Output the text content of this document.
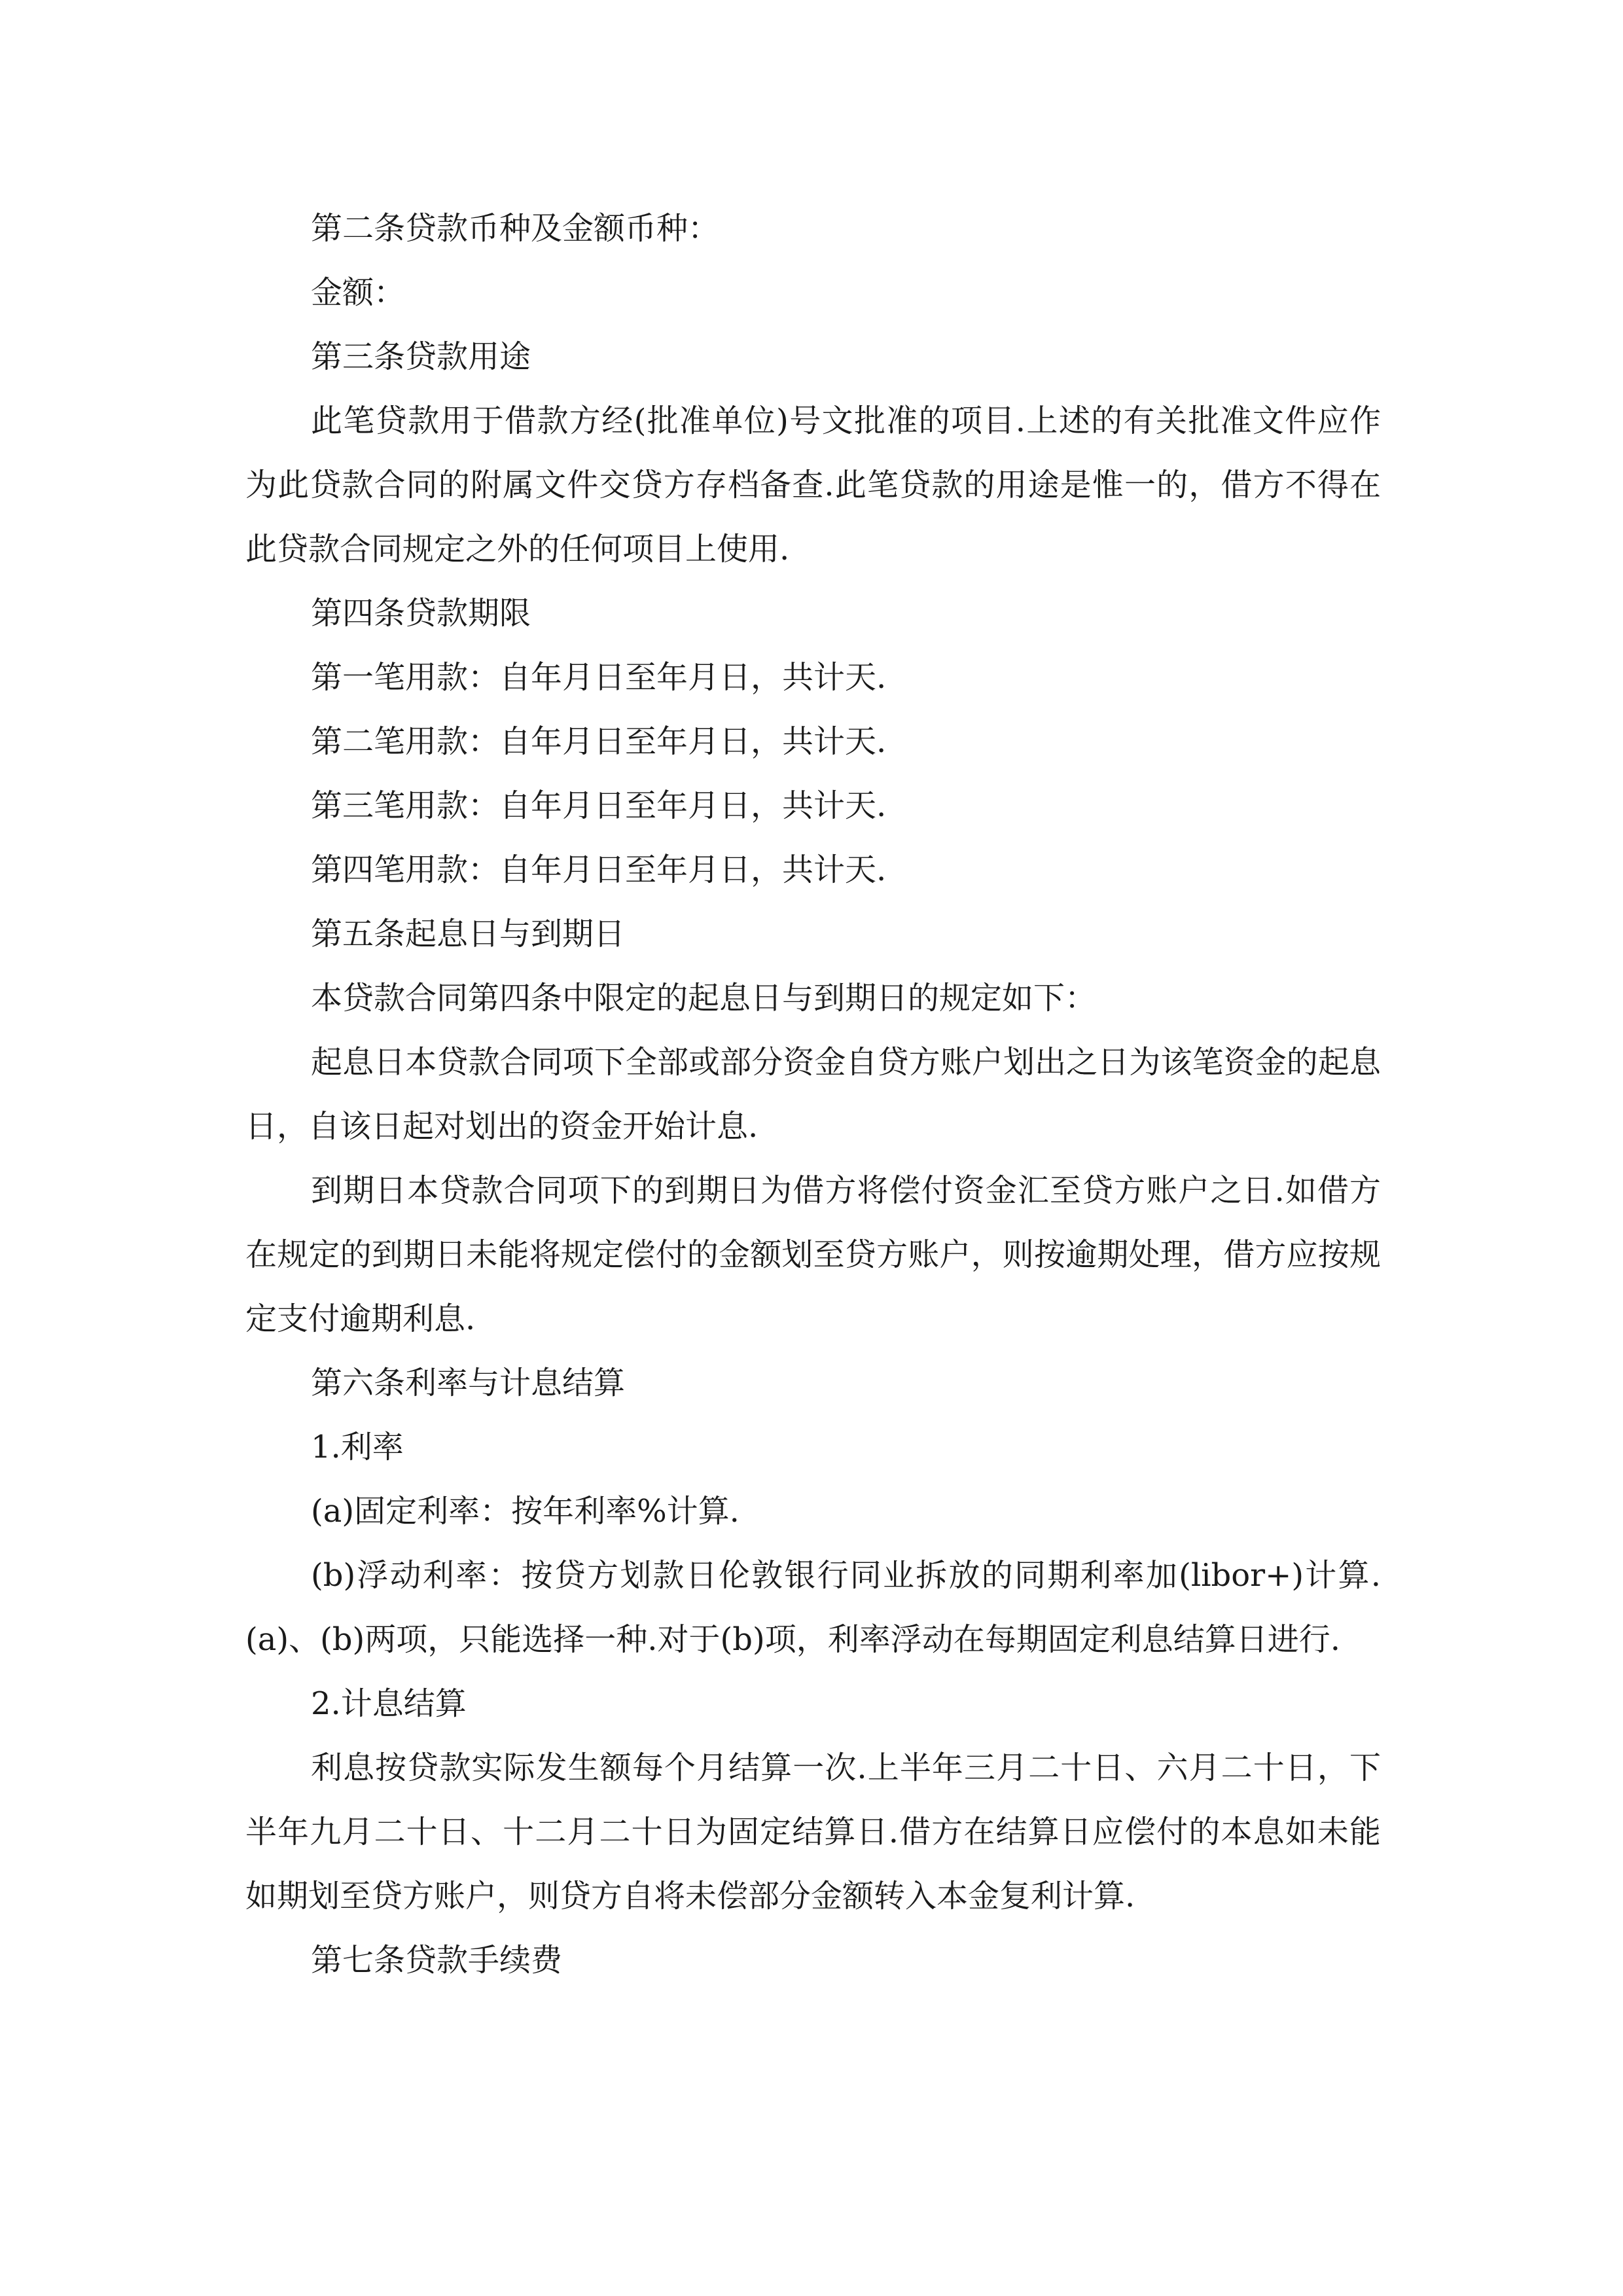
第二条贷款币种及金额币种：

金额：

第三条贷款用途

此笔贷款用于借款方经(批准单位)号文批准的项目.上述的有关批准文件应作为此贷款合同的附属文件交贷方存档备查.此笔贷款的用途是惟一的，借方不得在此贷款合同规定之外的任何项目上使用.

第四条贷款期限

第一笔用款：自年月日至年月日，共计天.

第二笔用款：自年月日至年月日，共计天.

第三笔用款：自年月日至年月日，共计天.

第四笔用款：自年月日至年月日，共计天.

第五条起息日与到期日

本贷款合同第四条中限定的起息日与到期日的规定如下：

起息日本贷款合同项下全部或部分资金自贷方账户划出之日为该笔资金的起息日，自该日起对划出的资金开始计息.

到期日本贷款合同项下的到期日为借方将偿付资金汇至贷方账户之日.如借方在规定的到期日未能将规定偿付的金额划至贷方账户，则按逾期处理，借方应按规定支付逾期利息.

第六条利率与计息结算

1.利率

(a)固定利率：按年利率%计算.

(b)浮动利率：按贷方划款日伦敦银行同业拆放的同期利率加(libor+)计算.(a)、(b)两项，只能选择一种.对于(b)项，利率浮动在每期固定利息结算日进行.

2.计息结算

利息按贷款实际发生额每个月结算一次.上半年三月二十日、六月二十日，下半年九月二十日、十二月二十日为固定结算日.借方在结算日应偿付的本息如未能如期划至贷方账户，则贷方自将未偿部分金额转入本金复利计算.

第七条贷款手续费
